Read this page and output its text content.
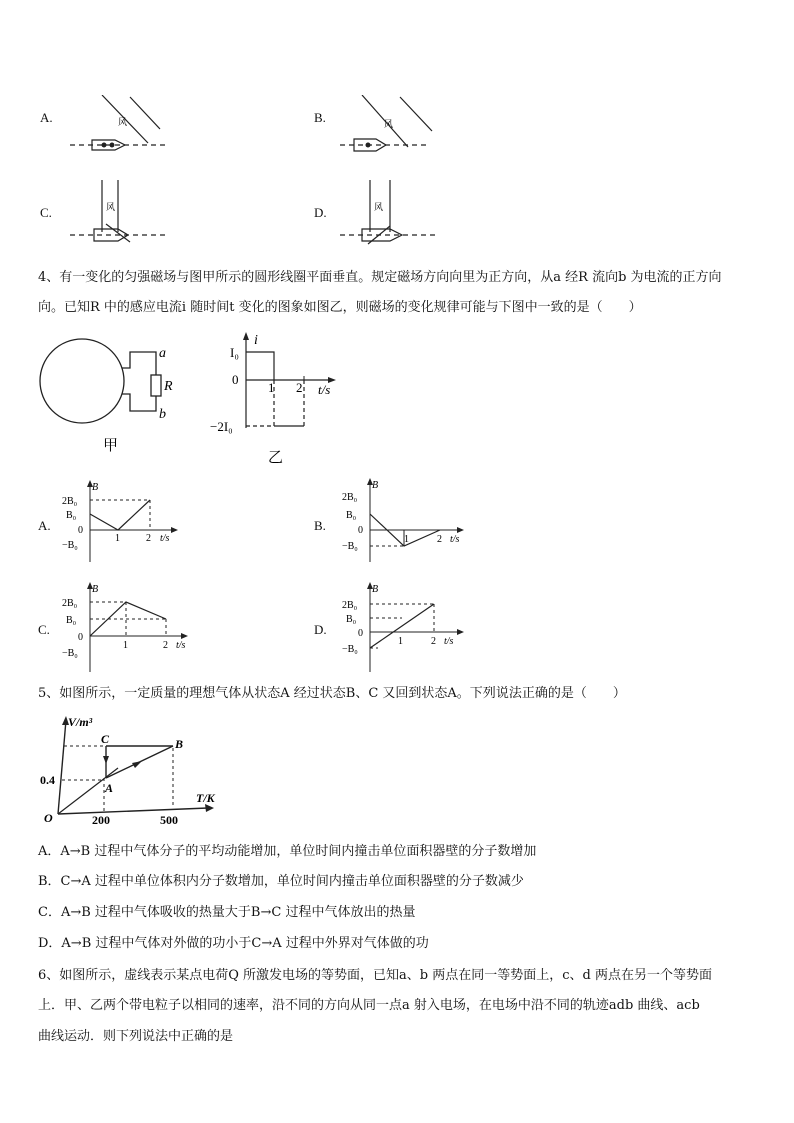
A.	风	B.	风
C.	风	D.	风
4、有一变化的匀强磁场与图甲所示的圆形线圈平面垂直。规定磁场方向向里为正方向，从a 经R 流向b 为电流的正方向
向。已知R 中的感应电流i 随时间t 变化的图象如图乙，则磁场的变化规律可能与下图中一致的是（　　）
a
R
b
甲
i
I₀
0
−2I₀
1 2 t/s
乙
A.
B
2B₀
B₀
0
−B₀
1	2 t/s
B.
B
2B₀
B₀
0
−B₀
1	2 t/s
C.
B
2B₀
B₀
0
−B₀
1	2 t/s
D.
B
2B₀
B₀
0
−B₀
1	2 t/s
5、如图所示，一定质量的理想气体从状态A 经过状态B、C 又回到状态A。下列说法正确的是（　　）
V/m³
0.4
O	200	500
T/K
C	B
A
A．A→B 过程中气体分子的平均动能增加，单位时间内撞击单位面积器壁的分子数增加
B．C→A 过程中单位体积内分子数增加，单位时间内撞击单位面积器壁的分子数减少
C．A→B 过程中气体吸收的热量大于B→C 过程中气体放出的热量
D．A→B 过程中气体对外做的功小于C→A 过程中外界对气体做的功
6、如图所示，虚线表示某点电荷Q 所激发电场的等势面，已知a、b 两点在同一等势面上，c、d 两点在另一个等势面
上．甲、乙两个带电粒子以相同的速率，沿不同的方向从同一点a 射入电场，在电场中沿不同的轨迹adb 曲线、acb
曲线运动．则下列说法中正确的是
